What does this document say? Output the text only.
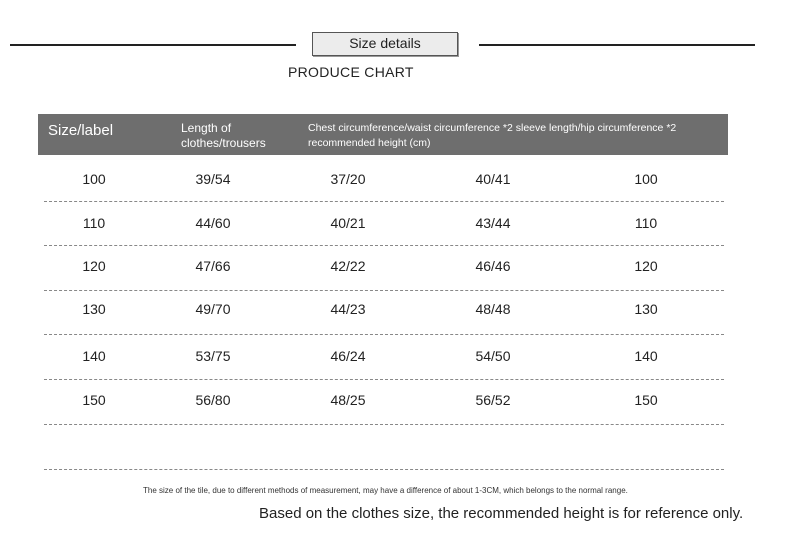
Size details
PRODUCE CHART
Size/label	Length of clothes/trousers
Chest circumference/waist circumference *2 sleeve length/hip circumference *2 recommended height (cm)
100	39/54	37/20	40/41	100
110	44/60	40/21	43/44	110
120	47/66	42/22	46/46	120
130	49/70	44/23	48/48	130
140	53/75	46/24	54/50	140
150	56/80	48/25	56/52	150
The size of the tile, due to different methods of measurement, may have a difference of about 1-3CM, which belongs to the normal range.
Based on the clothes size, the recommended height is for reference only.
